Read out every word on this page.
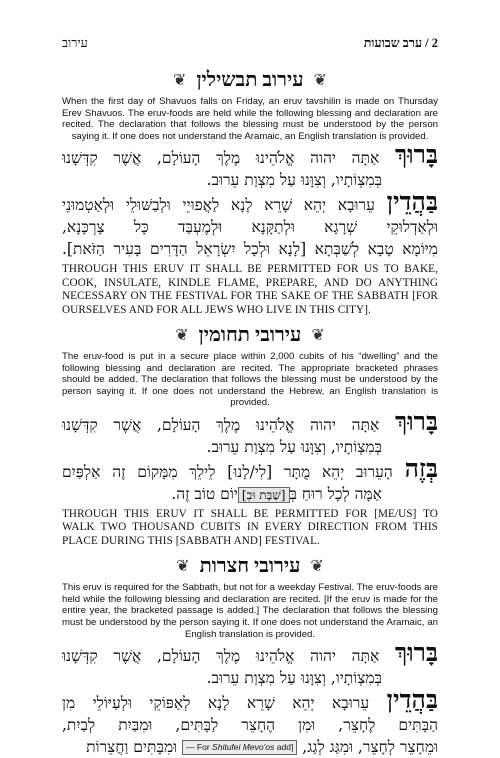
2 / ערב שבועות
עירוב
❦ עירוב תבשילין ❦

When the first day of Shavuos falls on Friday, an eruv tavshilin is made on Thursday Erev Shavuos. The eruv-foods are held while the following blessing and declaration are recited. The declaration that follows the blessing must be understood by the person saying it. If one does not understand the Aramaic, an English translation is provided.

בָּרוּךְ אַתָּה יהוה אֱלֹהֵינוּ מֶלֶךְ הָעוֹלָם, אֲשֶׁר קִדְּשָׁנוּ

בְּמִצְוֹתָיו, וְצִוָּנוּ עַל מִצְוַת עֵרוּב.

בַּהֲדֵין עֵרוּבָא יְהֵא שָׁרֵא לָנָא לַאֲפוּיֵי וּלְבַשּׁוּלֵי וּלְאַטְמוּנֵי

וּלְאַדְלוּקֵי שְׁרָגָא וּלְתַקָּנָא וּלְמֶעְבַּד כָּל צָרְכָּנָא,

מִיּוֹמָא טָבָא לְשַׁבְּתָא [לָנָא וּלְכָל יִשְׂרָאֵל הַדָּרִים בָּעִיר הַזֹּאת].

THROUGH THIS ERUV IT SHALL BE PERMITTED FOR US TO BAKE, COOK, INSULATE, KINDLE FLAME, PREPARE, AND DO ANYTHING NECESSARY ON THE FESTIVAL FOR THE SAKE OF THE SABBATH [FOR OURSELVES AND FOR ALL JEWS WHO LIVE IN THIS CITY].

❦ עירובי תחומין ❦

The eruv-food is put in a secure place within 2,000 cubits of his “dwelling” and the following blessing and declaration are recited. The appropriate bracketed phrases should be added. The declaration that follows the blessing must be understood by the person saying it. If one does not understand the Hebrew, an English translation is provided.

בָּרוּךְ אַתָּה יהוה אֱלֹהֵינוּ מֶלֶךְ הָעוֹלָם, אֲשֶׁר קִדְּשָׁנוּ

בְּמִצְוֹתָיו, וְצִוָּנוּ עַל מִצְוַת עֵרוּב.

בְּזֶה הָעֵרוּב יְהֵא מֻתָּר [לִי/לָנוּ] לֵילֵךְ מִמָּקוֹם זֶה אַלְפַּיִם

אַמָּה לְכָל רוּחַ בְּ[שַׁבָּת וּבְ]יוֹם טוֹב זֶה.

THROUGH THIS ERUV IT SHALL BE PERMITTED FOR [ME/US] TO WALK TWO THOUSAND CUBITS IN EVERY DIRECTION FROM THIS PLACE DURING THIS [SABBATH AND] FESTIVAL.

❦ עירובי חצרות ❦

This eruv is required for the Sabbath, but not for a weekday Festival. The eruv-foods are held while the following blessing and declaration are recited. [If the eruv is made for the entire year, the bracketed passage is added.] The declaration that follows the blessing must be understood by the person saying it. If one does not understand the Aramaic, an English translation is provided.

בָּרוּךְ אַתָּה יהוה אֱלֹהֵינוּ מֶלֶךְ הָעוֹלָם, אֲשֶׁר קִדְּשָׁנוּ

בְּמִצְוֹתָיו, וְצִוָּנוּ עַל מִצְוַת עֵרוּב.

בַּהֲדֵין עֵרוּבָא יְהֵא שָׁרֵא לָנָא לְאַפּוֹקֵי וּלְעַיּוֹלֵי מִן

הַבָּתִּים לֶחָצֵר, וּמִן הֶחָצֵר לַבָּתִּים, וּמִבַּיִת לְבַיִת,

וּמֵחָצֵר לְחָצֵר, וּמִגַּג לְגַג, — For Shitufei Mevo’os add] וּמִבָּתִּים וַחֲצֵרוֹת
